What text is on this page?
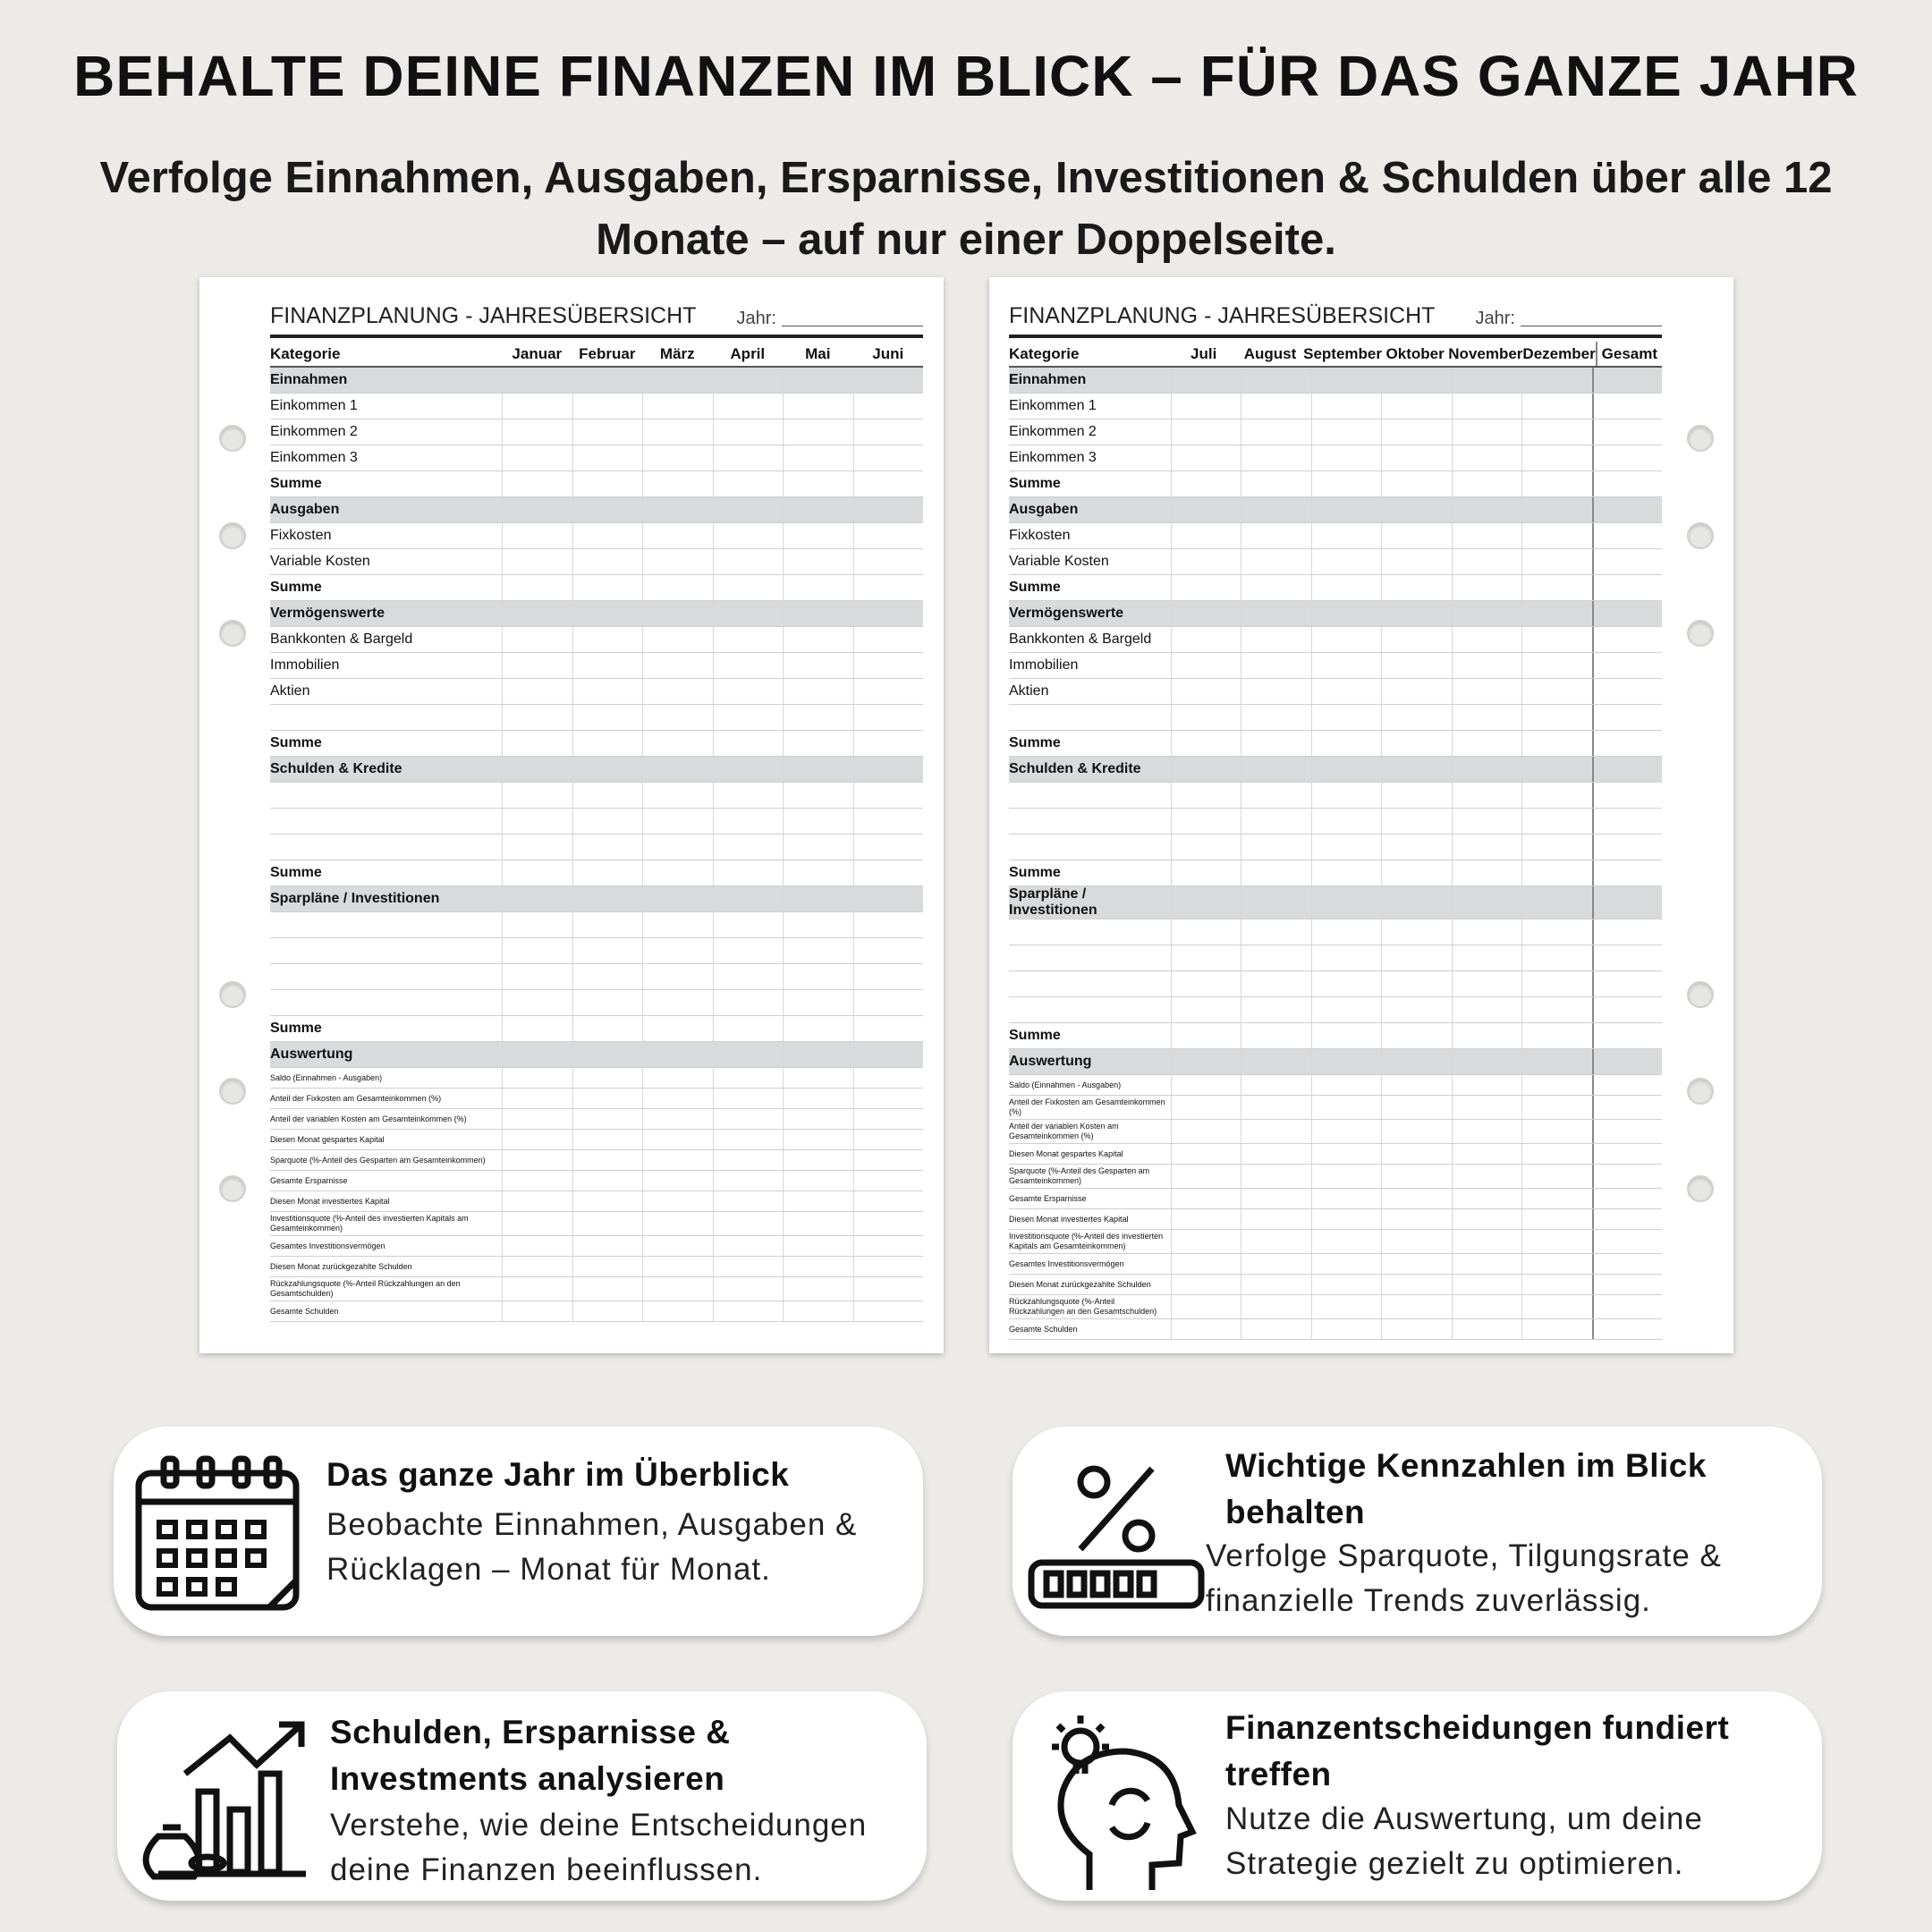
BEHALTE DEINE FINANZEN IM BLICK – FÜR DAS GANZE JAHR
Verfolge Einnahmen, Ausgaben, Ersparnisse, Investitionen & Schulden über alle 12
Monate – auf nur einer Doppelseite.
FINANZPLANUNG - JAHRESÜBERSICHT Jahr:
Kategorie	Januar	Februar	März	April	Mai	Juni
Einnahmen
Einkommen 1
Einkommen 2
Einkommen 3
Summe
Ausgaben
Fixkosten
Variable Kosten
Summe
Vermögenswerte
Bankkonten & Bargeld
Immobilien
Aktien
Summe
Schulden & Kredite
Summe
Sparpläne / Investitionen
Summe
Auswertung
Saldo (Einnahmen - Ausgaben)
Anteil der Fixkosten am Gesamteinkommen (%)
Anteil der variablen Kosten am Gesamteinkommen (%)
Diesen Monat gespartes Kapital
Sparquote (%-Anteil des Gesparten am Gesamteinkommen)
Gesamte Ersparnisse
Diesen Monat investiertes Kapital
Investitionsquote (%-Anteil des investierten Kapitals am Gesamteinkommen)
Gesamtes Investitionsvermögen
Diesen Monat zurückgezahlte Schulden
Rückzahlungsquote (%-Anteil Rückzahlungen an den Gesamtschulden)
Gesamte Schulden
FINANZPLANUNG - JAHRESÜBERSICHT Jahr:
Kategorie	Juli	August September Oktober November Dezember Gesamt
Einnahmen
Einkommen 1
Einkommen 2
Einkommen 3
Summe
Ausgaben
Fixkosten
Variable Kosten
Summe
Vermögenswerte
Bankkonten & Bargeld
Immobilien
Aktien
Summe
Schulden & Kredite
Summe
Sparpläne / Investitionen
Summe
Auswertung
Saldo (Einnahmen - Ausgaben)
Anteil der Fixkosten am Gesamteinkommen (%)
Anteil der variablen Kosten am Gesamteinkommen (%)
Diesen Monat gespartes Kapital
Sparquote (%-Anteil des Gesparten am Gesamteinkommen)
Gesamte Ersparnisse
Diesen Monat investiertes Kapital
Investitionsquote (%-Anteil des investierten Kapitals am Gesamteinkommen)
Gesamtes Investitionsvermögen
Diesen Monat zurückgezahlte Schulden
Rückzahlungsquote (%-Anteil Rückzahlungen an den Gesamtschulden)
Gesamte Schulden
Das ganze Jahr im Überblick

Beobachte Einnahmen, Ausgaben & Rücklagen – Monat für Monat.

Wichtige Kennzahlen im Blick behalten

Verfolge Sparquote, Tilgungsrate & finanzielle Trends zuverlässig.

Schulden, Ersparnisse & Investments analysieren

Verstehe, wie deine Entscheidungen deine Finanzen beeinflussen.

Finanzentscheidungen fundiert treffen

Nutze die Auswertung, um deine Strategie gezielt zu optimieren.
